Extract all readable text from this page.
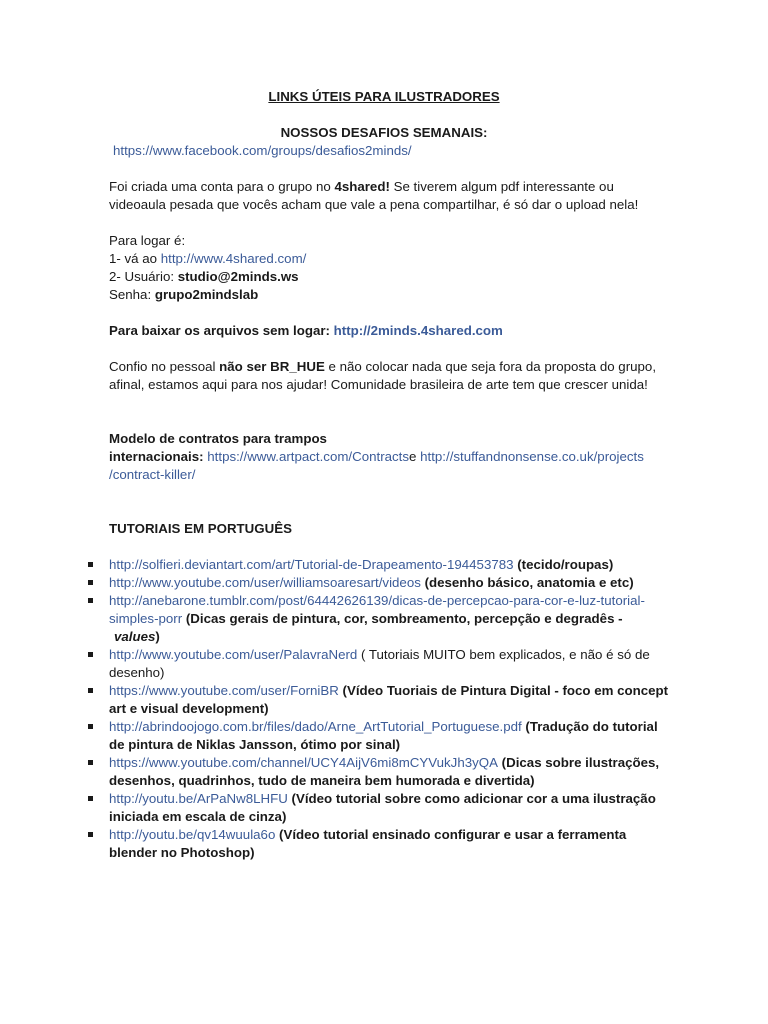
LINKS ÚTEIS PARA ILUSTRADORES

NOSSOS DESAFIOS SEMANAIS:

https://www.facebook.com/groups/desafios2minds/

Foi criada uma conta para o grupo no 4shared! Se tiverem algum pdf interessante ou videoaula pesada que vocês acham que vale a pena compartilhar, é só dar o upload nela!

Para logar é:

1- vá ao http://www.4shared.com/

2- Usuário: studio@2minds.ws

Senha: grupo2mindslab

Para baixar os arquivos sem logar: http://2minds.4shared.com

Confio no pessoal não ser BR_HUE e não colocar nada que seja fora da proposta do grupo, afinal, estamos aqui para nos ajudar! Comunidade brasileira de arte tem que crescer unida!

Modelo de contratos para trampos

internacionais: https://www.artpact.com/Contractse http://stuffandnonsense.co.uk/projects
/contract-killer/

TUTORIAIS EM PORTUGUÊS
http://solfieri.deviantart.com/art/Tutorial-de-Drapeamento-194453783 (tecido/roupas)
http://www.youtube.com/user/williamsoaresart/videos (desenho básico, anatomia e etc)
http://anebarone.tumblr.com/post/64442626139/dicas-de-percepcao-para-cor-e-luz-tutorial-simples-porr (Dicas gerais de pintura, cor, sombreamento, percepção e degradês -
values)
http://www.youtube.com/user/PalavraNerd ( Tutoriais MUITO bem explicados, e não é só de desenho)
https://www.youtube.com/user/ForniBR (Vídeo Tuoriais de Pintura Digital - foco em concept art e visual development)
http://abrindoojogo.com.br/files/dado/Arne_ArtTutorial_Portuguese.pdf (Tradução do tutorial de pintura de Niklas Jansson, ótimo por sinal)
https://www.youtube.com/channel/UCY4AijV6mi8mCYVukJh3yQA (Dicas sobre ilustrações, desenhos, quadrinhos, tudo de maneira bem humorada e divertida)
http://youtu.be/ArPaNw8LHFU (Vídeo tutorial sobre como adicionar cor a uma ilustração iniciada em escala de cinza)
http://youtu.be/qv14wuula6o (Vídeo tutorial ensinado configurar e usar a ferramenta blender no Photoshop)
